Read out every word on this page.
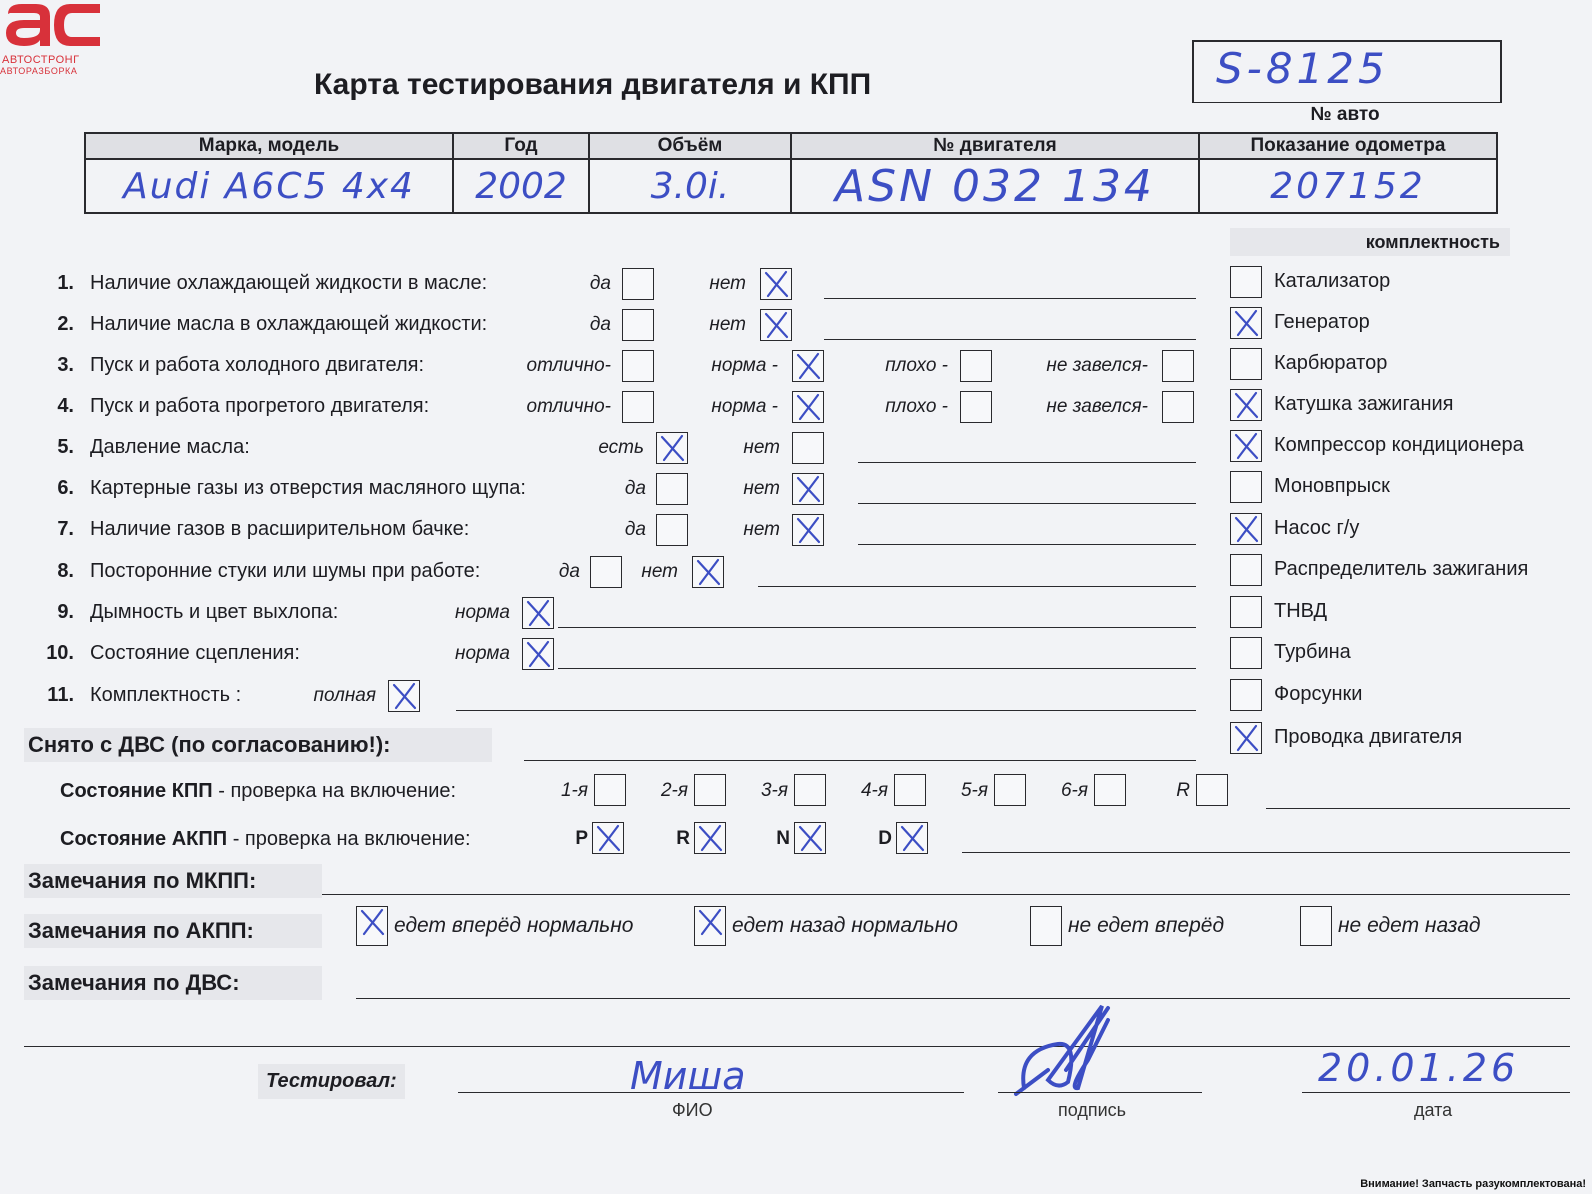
АВТОСТРОНГ
АВТОРАЗБОРКА	Карта тестирования двигателя и КПП	S-8125
№ авто
Марка, модель	Год	Объём	№ двигателя	Показание одометра
Audi A6C5 4x4	2002	3.0i.	ASN 032 134	207152
комплектность
1. Наличие охлаждающей жидкости в масле:	да	нет
2. Наличие масла в охлаждающей жидкости:	да	нет
3. Пуск и работа холодного двигателя:	отлично-	норма -	плохо -	не завелся-
4. Пуск и работа прогретого двигателя:	отлично-	норма -	плохо -	не завелся-
5. Давление масла:	есть	нет
6. Картерные газы из отверстия масляного щупа:	да	нет
7. Наличие газов в расширительном бачке:	да	нет
8. Посторонние стуки или шумы при работе:	да	нет
9. Дымность и цвет выхлопа:	норма
10. Состояние сцепления:	норма
11. Комплектность :	полная
Катализатор
Генератор
Карбюратор
Катушка зажигания
Компрессор кондиционера
Моновпрыск
Насос г/у
Распределитель зажигания
ТНВД
Турбина
Форсунки
Проводка двигателя
Снято с ДВС (по согласованию!):
Состояние КПП - проверка на включение:	1-я	2-я	3-я	4-я	5-я	6-я	R
Состояние АКПП - проверка на включение:	P	R	N	D
Замечания по МКПП:
Замечания по АКПП:	едет вперёд нормально	едет назад нормально	не едет вперёд	не едет назад
Замечания по ДВС:
Тестировал:	Миша
ФИО	подпись
20.01.26
дата
Внимание! Запчасть разукомплектована!
